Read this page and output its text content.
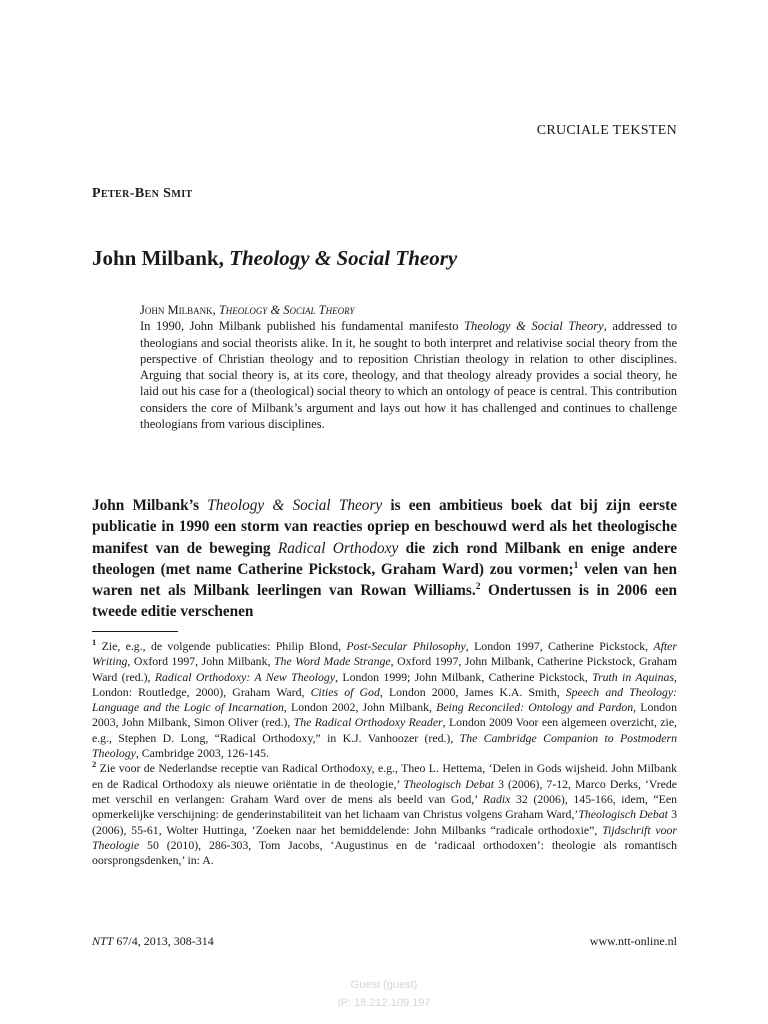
CRUCIALE TEKSTEN
Peter-Ben Smit
John Milbank, Theology & Social Theory
John Milbank, Theology & Social Theory
In 1990, John Milbank published his fundamental manifesto Theology & Social Theory, addressed to theologians and social theorists alike. In it, he sought to both interpret and relativise social theory from the perspective of Christian theology and to reposition Christian theology in relation to other disciplines. Arguing that social theory is, at its core, theology, and that theology already provides a social theory, he laid out his case for a (theological) social theory to which an ontology of peace is central. This contribution considers the core of Milbank’s argument and lays out how it has challenged and continues to challenge theologians from various disciplines.
John Milbank’s Theology & Social Theory is een ambitieus boek dat bij zijn eerste publicatie in 1990 een storm van reacties opriep en beschouwd werd als het theologische manifest van de beweging Radical Orthodoxy die zich rond Milbank en enige andere theologen (met name Catherine Pickstock, Graham Ward) zou vormen;$^1$ velen van hen waren net als Milbank leerlingen van Rowan Williams.$^2$ Ondertussen is in 2006 een tweede editie verschenen

$^1$ Zie, e.g., de volgende publicaties: Philip Blond, Post-Secular Philosophy, London 1997, Catherine Pickstock, After Writing, Oxford 1997, John Milbank, The Word Made Strange, Oxford 1997, John Milbank, Catherine Pickstock, Graham Ward (red.), Radical Orthodoxy: A New Theology, London 1999; John Milbank, Catherine Pickstock, Truth in Aquinas, London: Routledge, 2000), Graham Ward, Cities of God, London 2000, James K.A. Smith, Speech and Theology: Language and the Logic of Incarnation, London 2002, John Milbank, Being Reconciled: Ontology and Pardon, London 2003, John Milbank, Simon Oliver (red.), The Radical Orthodoxy Reader, London 2009 Voor een algemeen overzicht, zie, e.g., Stephen D. Long, “Radical Orthodoxy,” in K.J. Vanhoozer (red.), The Cambridge Companion to Postmodern Theology, Cambridge 2003, 126-145.

$^2$ Zie voor de Nederlandse receptie van Radical Orthodoxy, e.g., Theo L. Hettema, ‘Delen in Gods wijsheid. John Milbank en de Radical Orthodoxy als nieuwe oriëntatie in de theologie,’ Theologisch Debat 3 (2006), 7-12, Marco Derks, ‘Vrede met verschil en verlangen: Graham Ward over de mens als beeld van God,’ Radix 32 (2006), 145-166, idem, “Een opmerkelijke verschijning: de genderinstabiliteit van het lichaam van Christus volgens Graham Ward,’Theologisch Debat 3 (2006), 55-61, Wolter Huttinga, ‘Zoeken naar het bemiddelende: John Milbanks “radicale orthodoxie”, Tijdschrift voor Theologie 50 (2010), 286-303, Tom Jacobs, ‘Augustinus en de ‘radicaal orthodoxen’: theologie als romantisch oorsprongsdenken,’ in: A.

NTT 67/4, 2013, 308-314	www.ntt-online.nl
Guest (guest)
IP: 18.212.109.197
